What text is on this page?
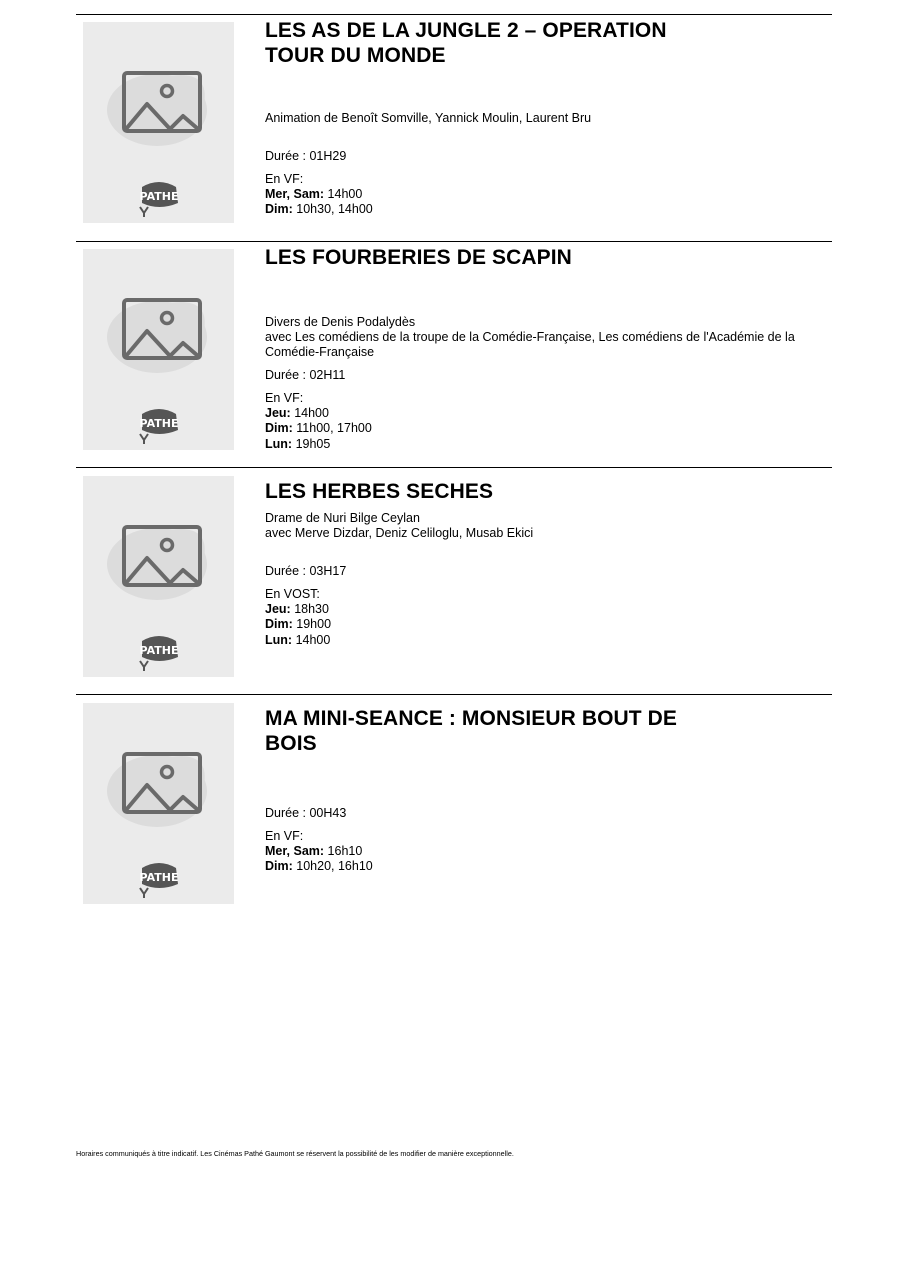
PATHE
LES AS DE LA JUNGLE 2 – OPERATION TOUR DU MONDE
Animation de Benoît Somville, Yannick Moulin, Laurent Bru
Durée : 01H29
En VF:
Mer, Sam: 14h00
Dim: 10h30, 14h00
PATHE
LES FOURBERIES DE SCAPIN
Divers de Denis Podalydès
avec Les comédiens de la troupe de la Comédie-Française, Les comédiens de l'Académie de la Comédie-Française
Durée : 02H11
En VF:
Jeu: 14h00
Dim: 11h00, 17h00
Lun: 19h05
PATHE
LES HERBES SECHES
Drame de Nuri Bilge Ceylan
avec Merve Dizdar, Deniz Celiloglu, Musab Ekici
Durée : 03H17
En VOST:
Jeu: 18h30
Dim: 19h00
Lun: 14h00
PATHE
MA MINI-SEANCE : MONSIEUR BOUT DE BOIS
Durée : 00H43
En VF:
Mer, Sam: 16h10
Dim: 10h20, 16h10
Horaires communiqués à titre indicatif. Les Cinémas Pathé Gaumont se réservent la possibilité de les modifier de manière exceptionnelle.
